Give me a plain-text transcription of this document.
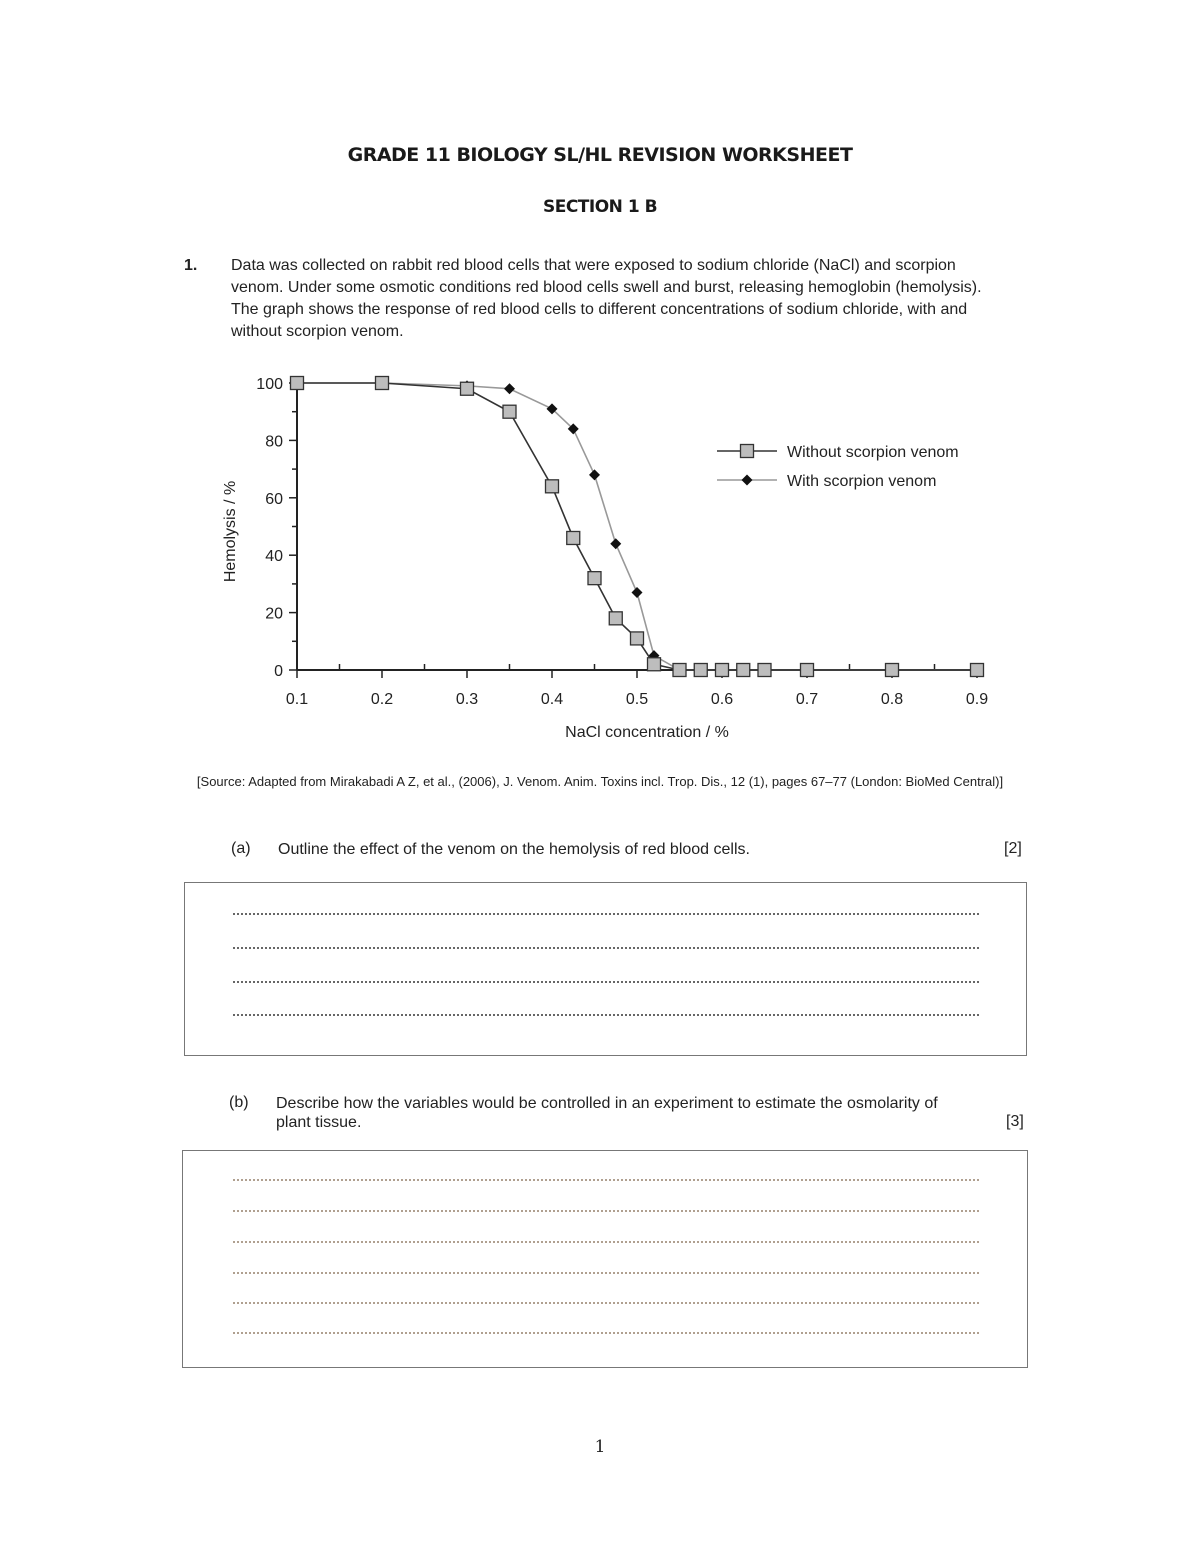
GRADE 11 BIOLOGY SL/HL REVISION WORKSHEET
SECTION 1 B
1. Data was collected on rabbit red blood cells that were exposed to sodium chloride (NaCl) and scorpion venom. Under some osmotic conditions red blood cells swell and burst, releasing hemoglobin (hemolysis). The graph shows the response of red blood cells to different concentrations of sodium chloride, with and without scorpion venom.

0
20
40
60
80
100
0.1	0.2	0.3	0.4	0.5	0.6	0.7	0.8	0.9
NaCl concentration / %
Hemolysis / %
Without scorpion venom
With scorpion venom
[Source: Adapted from Mirakabadi A Z, et al., (2006), J. Venom. Anim. Toxins incl. Trop. Dis., 12 (1), pages 67–77 (London: BioMed Central)]
(a) Outline the effect of the venom on the hemolysis of red blood cells.	[2]
(b) Describe how the variables would be controlled in an experiment to estimate the osmolarity of plant tissue.	[3]
1
